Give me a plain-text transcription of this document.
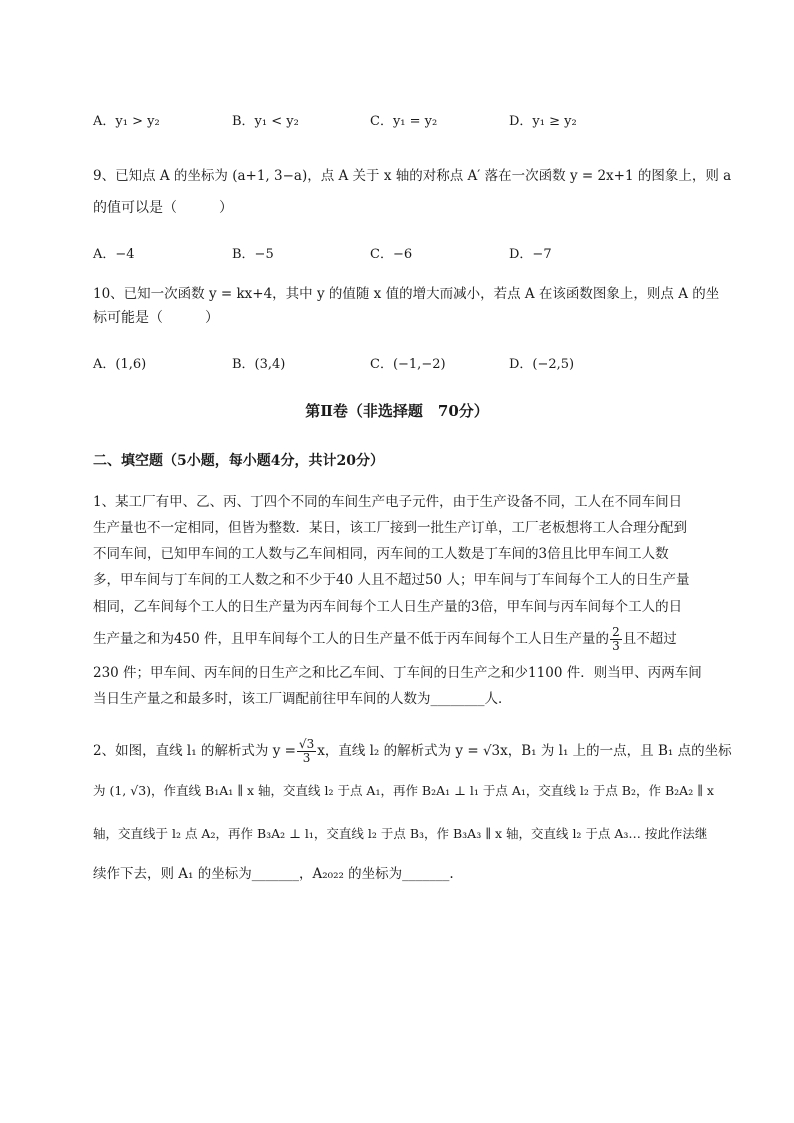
A．y₁ > y₂	B．y₁ < y₂	C．y₁ = y₂	D．y₁ ≥ y₂
9、已知点 A 的坐标为 (a+1, 3−a)，点 A 关于 x 轴的对称点 A′ 落在一次函数 y = 2x+1 的图象上，则 a
的值可以是（　　　）
A．−4	B．−5	C．−6	D．−7
10、已知一次函数 y = kx+4，其中 y 的值随 x 值的增大而减小，若点 A 在该函数图象上，则点 A 的坐
标可能是（　　　）
A．(1,6)	B．(3,4)	C．(−1,−2)	D．(−2,5)
第Ⅱ卷（非选择题　70分）
二、填空题（5小题，每小题4分，共计20分）
1、某工厂有甲、乙、丙、丁四个不同的车间生产电子元件，由于生产设备不同，工人在不同车间日
生产量也不一定相同，但皆为整数．某日，该工厂接到一批生产订单，工厂老板想将工人合理分配到
不同车间，已知甲车间的工人数与乙车间相同，丙车间的工人数是丁车间的3倍且比甲车间工人数
多，甲车间与丁车间的工人数之和不少于40 人且不超过50 人；甲车间与丁车间每个工人的日生产量
相同，乙车间每个工人的日生产量为丙车间每个工人日生产量的3倍，甲车间与丙车间每个工人的日
生产量之和为450 件，且甲车间每个工人的日生产量不低于丙车间每个工人日生产量的 $\frac{2}{3}$ 且不超过
230 件；甲车间、丙车间的日生产之和比乙车间、丁车间的日生产之和少1100 件．则当甲、丙两车间
当日生产量之和最多时，该工厂调配前往甲车间的人数为________人．
2、如图，直线 l₁ 的解析式为 $y = \frac{√3}{3}$ x，直线 l₂ 的解析式为 y = √3x，B₁ 为 l₁ 上的一点，且 B₁ 点的坐标
为 (1, √3)，作直线 B₁A₁ ∥ x 轴，交直线 l₂ 于点 A₁，再作 B₂A₁ ⊥ l₁ 于点 A₁，交直线 l₂ 于点 B₂，作 B₂A₂ ∥ x
轴，交直线于 l₂ 点 A₂，再作 B₃A₂ ⊥ l₁，交直线 l₂ 于点 B₃，作 B₃A₃ ∥ x 轴，交直线 l₂ 于点 A₃… 按此作法继
续作下去，则 A₁ 的坐标为_______，A₂₀₂₂ 的坐标为_______.
